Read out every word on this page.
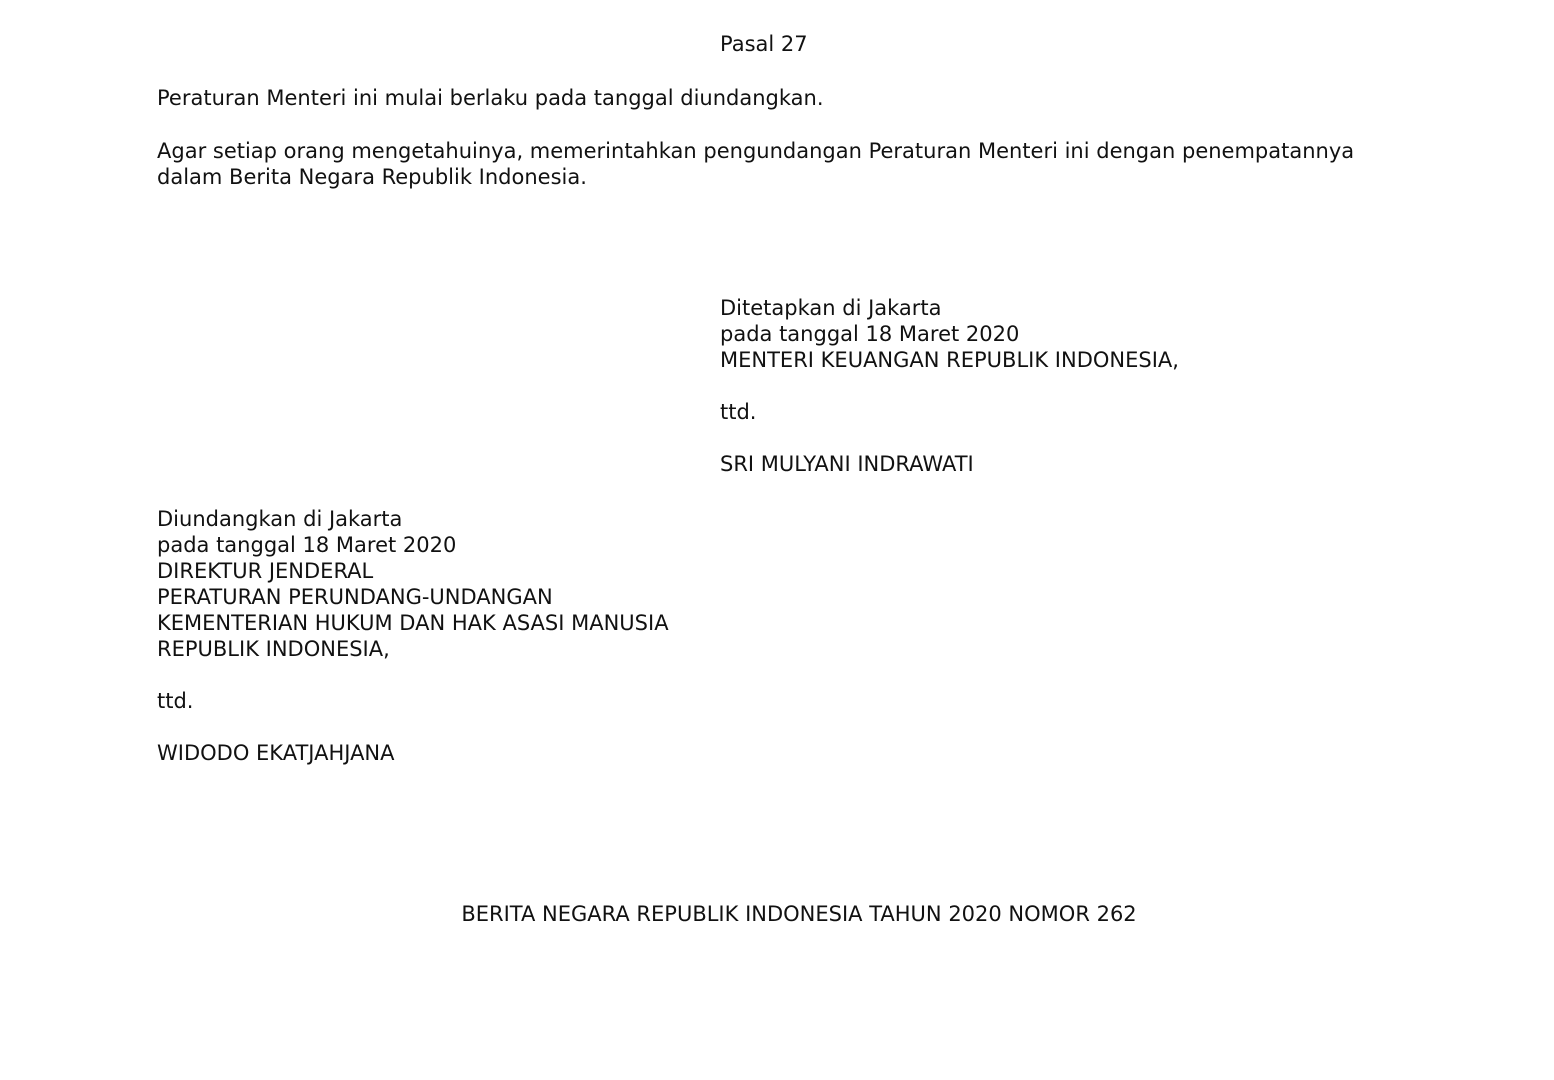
Pasal 27

Peraturan Menteri ini mulai berlaku pada tanggal diundangkan.

Agar setiap orang mengetahuinya, memerintahkan pengundangan Peraturan Menteri ini dengan penempatannya

dalam Berita Negara Republik Indonesia.

Ditetapkan di Jakarta
pada tanggal 18 Maret 2020
MENTERI KEUANGAN REPUBLIK INDONESIA,
ttd.
SRI MULYANI INDRAWATI
Diundangkan di Jakarta
pada tanggal 18 Maret 2020
DIREKTUR JENDERAL
PERATURAN PERUNDANG-UNDANGAN
KEMENTERIAN HUKUM DAN HAK ASASI MANUSIA
REPUBLIK INDONESIA,
ttd.
WIDODO EKATJAHJANA

BERITA NEGARA REPUBLIK INDONESIA TAHUN 2020 NOMOR 262
